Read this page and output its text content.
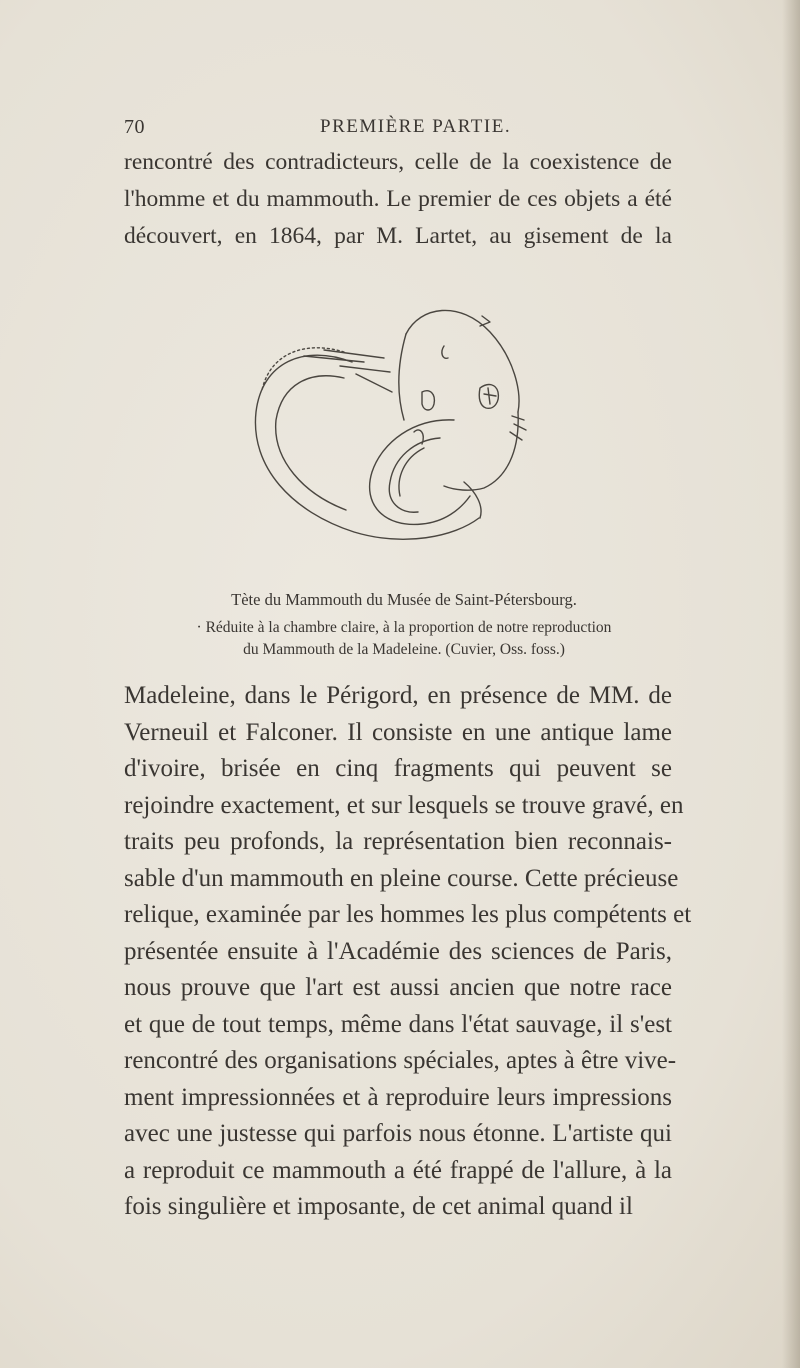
70	PREMIÈRE PARTIE.
rencontré des contradicteurs, celle de la coexistence de
l'homme et du mammouth. Le premier de ces objets a été
découvert, en 1864, par M. Lartet, au gisement de la
Tète du Mammouth du Musée de Saint-Pétersbourg.
· Réduite à la chambre claire, à la proportion de notre reproduction
du Mammouth de la Madeleine. (Cuvier, Oss. foss.)
Madeleine, dans le Périgord, en présence de MM. de
Verneuil et Falconer. Il consiste en une antique lame
d'ivoire, brisée en cinq fragments qui peuvent se
rejoindre exactement, et sur lesquels se trouve gravé, en
traits peu profonds, la représentation bien reconnais-
sable d'un mammouth en pleine course. Cette précieuse
relique, examinée par les hommes les plus compétents et
présentée ensuite à l'Académie des sciences de Paris,
nous prouve que l'art est aussi ancien que notre race
et que de tout temps, même dans l'état sauvage, il s'est
rencontré des organisations spéciales, aptes à être vive-
ment impressionnées et à reproduire leurs impressions
avec une justesse qui parfois nous étonne. L'artiste qui
a reproduit ce mammouth a été frappé de l'allure, à la
fois singulière et imposante, de cet animal quand il
